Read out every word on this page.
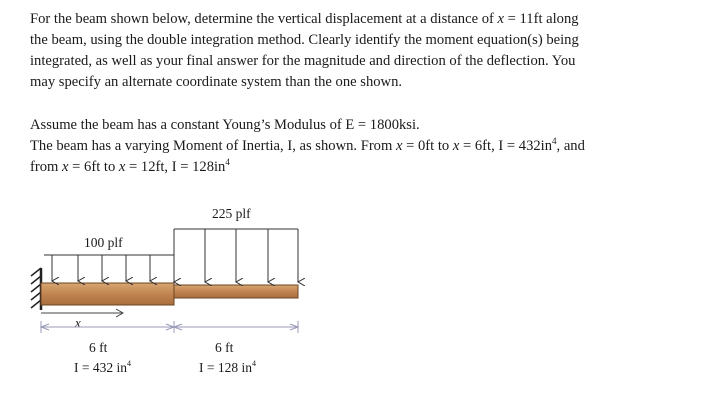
For the beam shown below, determine the vertical displacement at a distance of x = 11ft along
the beam, using the double integration method. Clearly identify the moment equation(s) being
integrated, as well as your final answer for the magnitude and direction of the deflection. You
may specify an alternate coordinate system than the one shown.
Assume the beam has a constant Young’s Modulus of E = 1800ksi.
The beam has a varying Moment of Inertia, I, as shown. From x = 0ft to x = 6ft, $I = 432in^4$, and
from x = 6ft to x = 12ft, $I = 128in^4$
100 plf
225 plf
x
6 ft	6 ft
I = 432 $in^4$	I = 128 $in^4$
